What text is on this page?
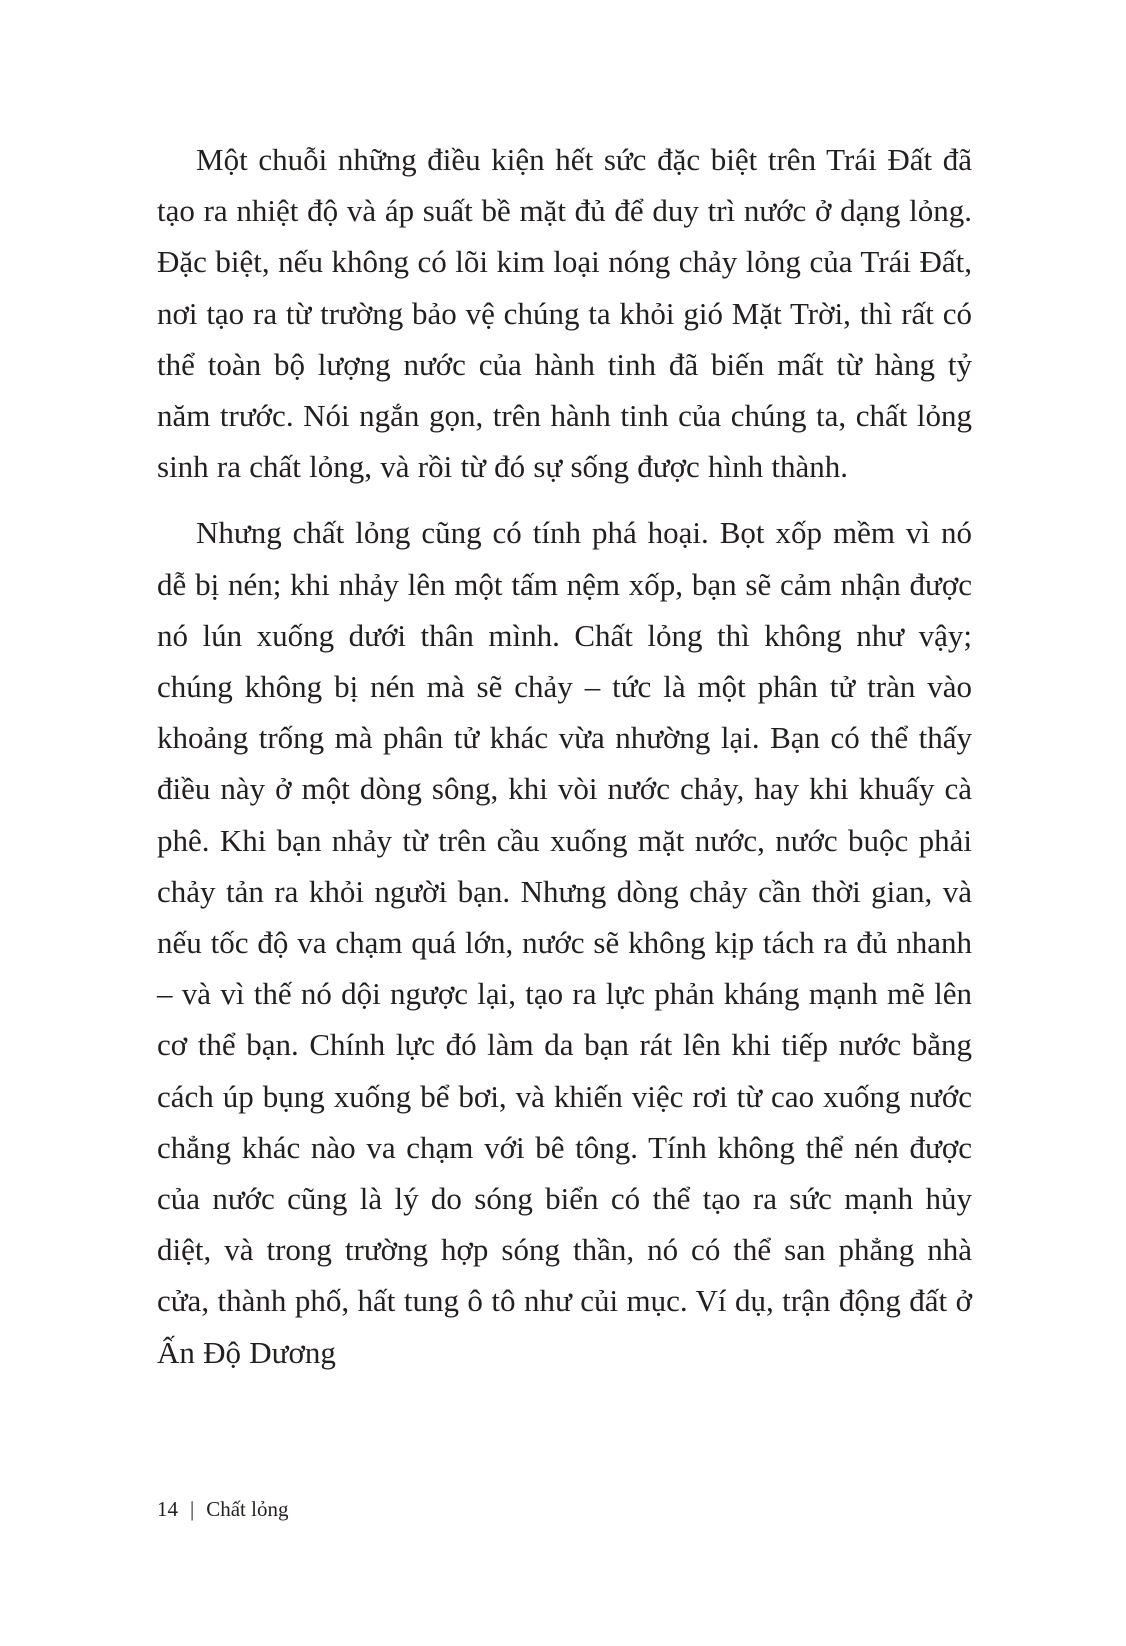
Một chuỗi những điều kiện hết sức đặc biệt trên Trái Đất đã tạo ra nhiệt độ và áp suất bề mặt đủ để duy trì nước ở dạng lỏng. Đặc biệt, nếu không có lõi kim loại nóng chảy lỏng của Trái Đất, nơi tạo ra từ trường bảo vệ chúng ta khỏi gió Mặt Trời, thì rất có thể toàn bộ lượng nước của hành tinh đã biến mất từ hàng tỷ năm trước. Nói ngắn gọn, trên hành tinh của chúng ta, chất lỏng sinh ra chất lỏng, và rồi từ đó sự sống được hình thành.

Nhưng chất lỏng cũng có tính phá hoại. Bọt xốp mềm vì nó dễ bị nén; khi nhảy lên một tấm nệm xốp, bạn sẽ cảm nhận được nó lún xuống dưới thân mình. Chất lỏng thì không như vậy; chúng không bị nén mà sẽ chảy – tức là một phân tử tràn vào khoảng trống mà phân tử khác vừa nhường lại. Bạn có thể thấy điều này ở một dòng sông, khi vòi nước chảy, hay khi khuấy cà phê. Khi bạn nhảy từ trên cầu xuống mặt nước, nước buộc phải chảy tản ra khỏi người bạn. Nhưng dòng chảy cần thời gian, và nếu tốc độ va chạm quá lớn, nước sẽ không kịp tách ra đủ nhanh – và vì thế nó dội ngược lại, tạo ra lực phản kháng mạnh mẽ lên cơ thể bạn. Chính lực đó làm da bạn rát lên khi tiếp nước bằng cách úp bụng xuống bể bơi, và khiến việc rơi từ cao xuống nước chẳng khác nào va chạm với bê tông. Tính không thể nén được của nước cũng là lý do sóng biển có thể tạo ra sức mạnh hủy diệt, và trong trường hợp sóng thần, nó có thể san phẳng nhà cửa, thành phố, hất tung ô tô như củi mục. Ví dụ, trận động đất ở Ấn Độ Dương

14 | Chất lỏng
